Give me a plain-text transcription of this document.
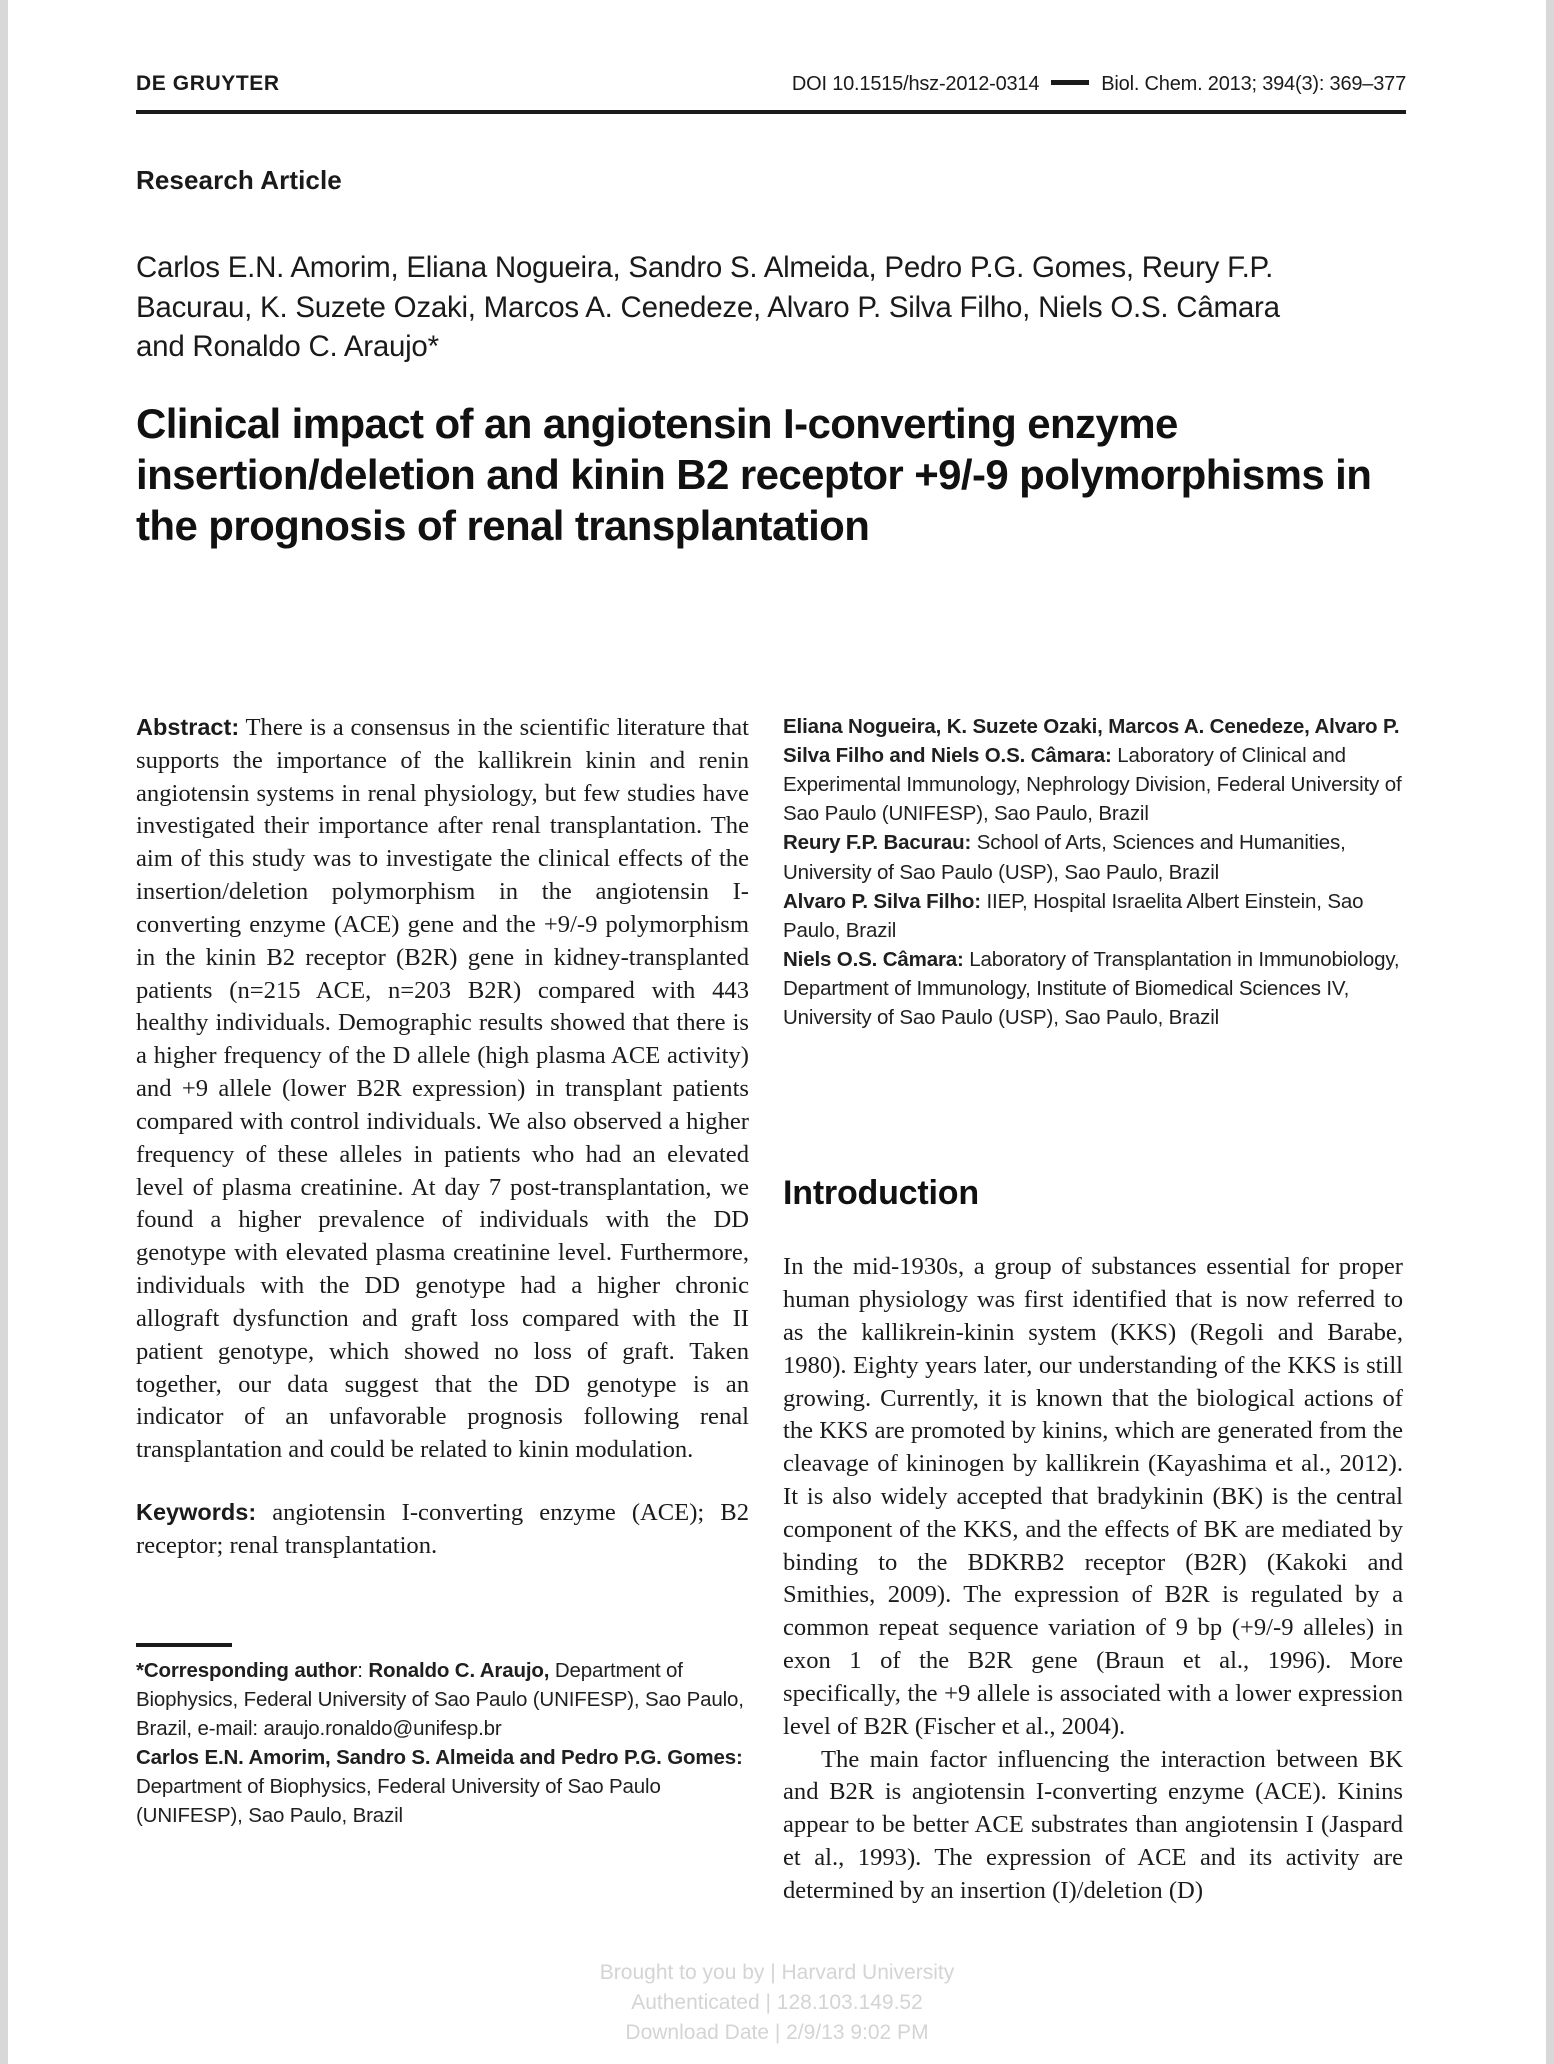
DE GRUYTER	DOI 10.1515/hsz-2012-0314	Biol. Chem. 2013; 394(3): 369–377
Research Article
Carlos E.N. Amorim, Eliana Nogueira, Sandro S. Almeida, Pedro P.G. Gomes, Reury F.P. Bacurau, K. Suzete Ozaki, Marcos A. Cenedeze, Alvaro P. Silva Filho, Niels O.S. Câmara and Ronaldo C. Araujo*
Clinical impact of an angiotensin I-converting enzyme insertion/deletion and kinin B2 receptor +9/-9 polymorphisms in the prognosis of renal transplantation

Abstract: There is a consensus in the scientific literature that supports the importance of the kallikrein kinin and renin angiotensin systems in renal physiology, but few studies have investigated their importance after renal transplantation. The aim of this study was to investigate the clinical effects of the insertion/deletion polymorphism in the angiotensin I-converting enzyme (ACE) gene and the +9/-9 polymorphism in the kinin B2 receptor (B2R) gene in kidney-transplanted patients (n=215 ACE, n=203 B2R) compared with 443 healthy individuals. Demographic results showed that there is a higher frequency of the D allele (high plasma ACE activity) and +9 allele (lower B2R expression) in transplant patients compared with control individuals. We also observed a higher frequency of these alleles in patients who had an elevated level of plasma creatinine. At day 7 post-transplantation, we found a higher prevalence of individuals with the DD genotype with elevated plasma creatinine level. Furthermore, individuals with the DD genotype had a higher chronic allograft dysfunction and graft loss compared with the II patient genotype, which showed no loss of graft. Taken together, our data suggest that the DD genotype is an indicator of an unfavorable prognosis following renal transplantation and could be related to kinin modulation.

Keywords: angiotensin I-converting enzyme (ACE); B2 receptor; renal transplantation.

*Corresponding author: Ronaldo C. Araujo, Department of Biophysics, Federal University of Sao Paulo (UNIFESP), Sao Paulo, Brazil, e-mail: araujo.ronaldo@unifesp.br

Carlos E.N. Amorim, Sandro S. Almeida and Pedro P.G. Gomes: Department of Biophysics, Federal University of Sao Paulo (UNIFESP), Sao Paulo, Brazil

Eliana Nogueira, K. Suzete Ozaki, Marcos A. Cenedeze, Alvaro P. Silva Filho and Niels O.S. Câmara: Laboratory of Clinical and Experimental Immunology, Nephrology Division, Federal University of Sao Paulo (UNIFESP), Sao Paulo, Brazil

Reury F.P. Bacurau: School of Arts, Sciences and Humanities, University of Sao Paulo (USP), Sao Paulo, Brazil

Alvaro P. Silva Filho: IIEP, Hospital Israelita Albert Einstein, Sao Paulo, Brazil

Niels O.S. Câmara: Laboratory of Transplantation in Immunobiology, Department of Immunology, Institute of Biomedical Sciences IV, University of Sao Paulo (USP), Sao Paulo, Brazil

Introduction

In the mid-1930s, a group of substances essential for proper human physiology was first identified that is now referred to as the kallikrein-kinin system (KKS) (Regoli and Barabe, 1980). Eighty years later, our understanding of the KKS is still growing. Currently, it is known that the biological actions of the KKS are promoted by kinins, which are generated from the cleavage of kininogen by kallikrein (Kayashima et al., 2012). It is also widely accepted that bradykinin (BK) is the central component of the KKS, and the effects of BK are mediated by binding to the BDKRB2 receptor (B2R) (Kakoki and Smithies, 2009). The expression of B2R is regulated by a common repeat sequence variation of 9 bp (+9/-9 alleles) in exon 1 of the B2R gene (Braun et al., 1996). More specifically, the +9 allele is associated with a lower expression level of B2R (Fischer et al., 2004).

The main factor influencing the interaction between BK and B2R is angiotensin I-converting enzyme (ACE). Kinins appear to be better ACE substrates than angiotensin I (Jaspard et al., 1993). The expression of ACE and its activity are determined by an insertion (I)/deletion (D)

Brought to you by | Harvard University
Authenticated | 128.103.149.52
Download Date | 2/9/13 9:02 PM
